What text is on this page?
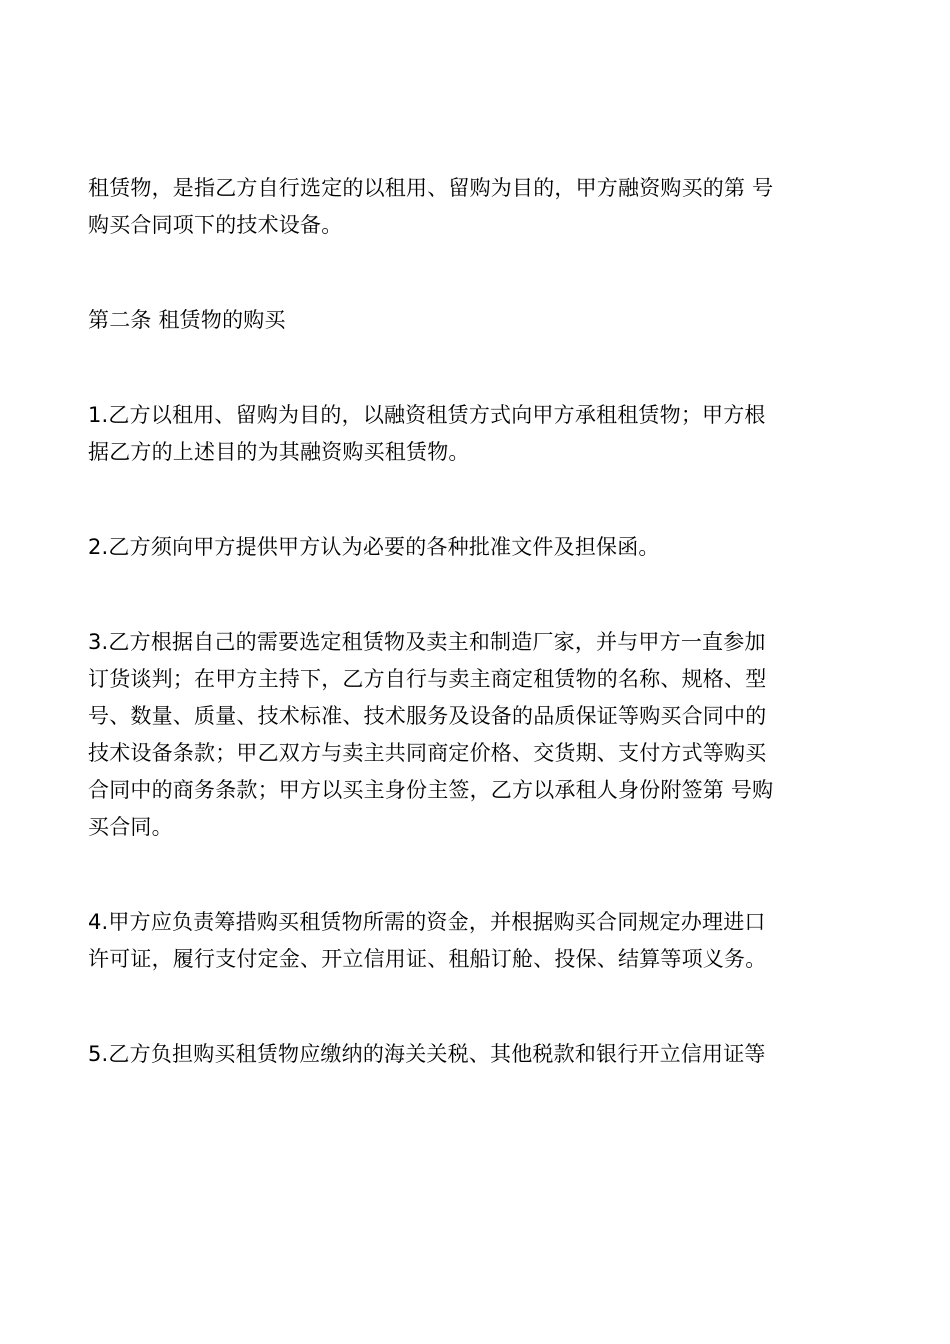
租赁物，是指乙方自行选定的以租用、留购为目的，甲方融资购买的第 号
购买合同项下的技术设备。

第二条 租赁物的购买

1.乙方以租用、留购为目的，以融资租赁方式向甲方承租租赁物；甲方根
据乙方的上述目的为其融资购买租赁物。

2.乙方须向甲方提供甲方认为必要的各种批准文件及担保函。

3.乙方根据自己的需要选定租赁物及卖主和制造厂家，并与甲方一直参加
订货谈判；在甲方主持下，乙方自行与卖主商定租赁物的名称、规格、型
号、数量、质量、技术标准、技术服务及设备的品质保证等购买合同中的
技术设备条款；甲乙双方与卖主共同商定价格、交货期、支付方式等购买
合同中的商务条款；甲方以买主身份主签，乙方以承租人身份附签第 号购
买合同。

4.甲方应负责筹措购买租赁物所需的资金，并根据购买合同规定办理进口
许可证，履行支付定金、开立信用证、租船订舱、投保、结算等项义务。

5.乙方负担购买租赁物应缴纳的海关关税、其他税款和银行开立信用证等
